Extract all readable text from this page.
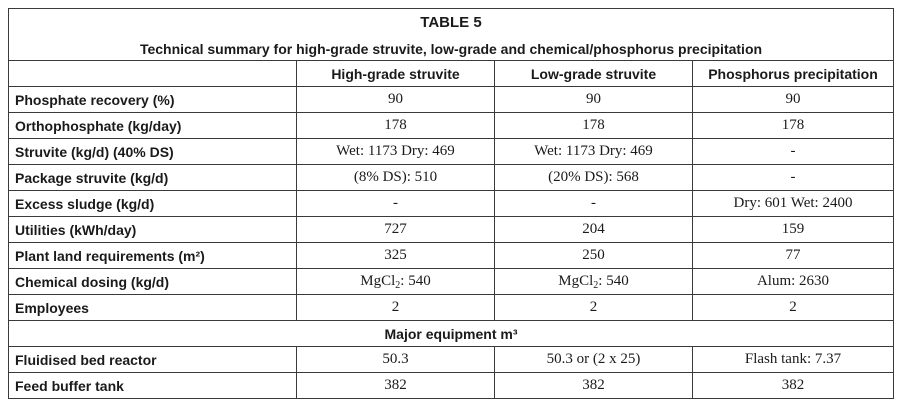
TABLE 5
Technical summary for high-grade struvite, low-grade and chemical/phosphorus precipitation			

	High-grade struvite	Low-grade struvite	Phosphorus precipitation
Phosphate recovery (%)	90	90	90
Orthophosphate (kg/day)	178	178	178
Struvite (kg/d) (40% DS)	Wet: 1173 Dry: 469	Wet: 1173 Dry: 469	-
Package struvite (kg/d)	(8% DS): 510	(20% DS): 568	-
Excess sludge (kg/d)	-	-	Dry: 601 Wet: 2400
Utilities (kWh/day)	727	204	159
Plant land requirements (m²)	325	250	77
Chemical dosing (kg/d)	MgCl$_2$: 540	MgCl$_2$: 540	Alum: 2630
Employees	2	2	2
Major equipment m³			
Fluidised bed reactor	50.3	50.3 or (2 x 25)	Flash tank: 7.37
Feed buffer tank	382	382	382
